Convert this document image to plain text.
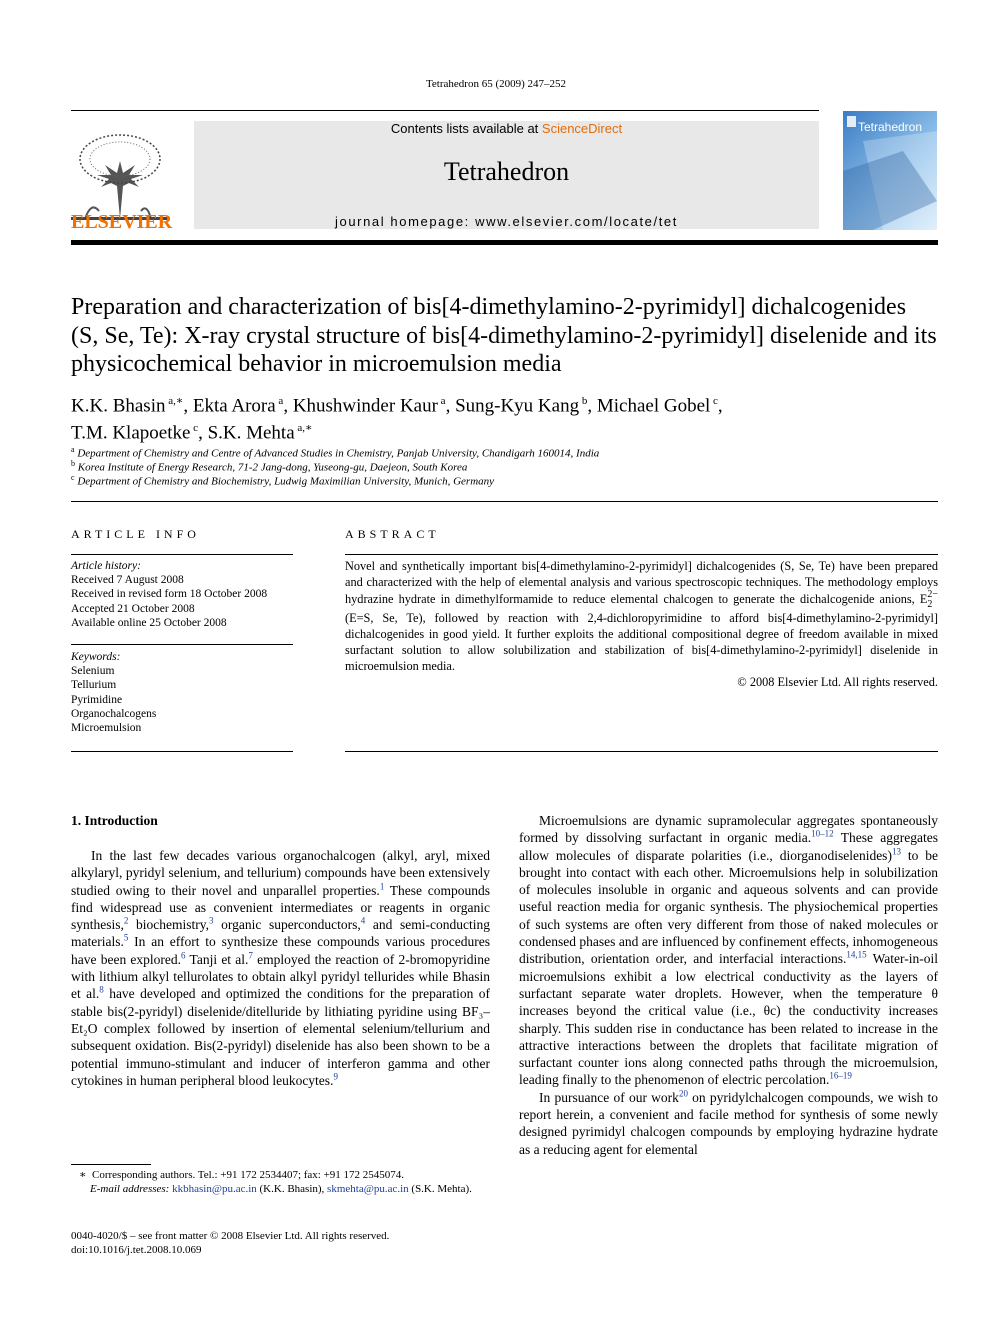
Tetrahedron 65 (2009) 247–252
ELSEVIER
Contents lists available at ScienceDirect
Tetrahedron
journal homepage: www.elsevier.com/locate/tet
Tetrahedron
Preparation and characterization of bis[4-dimethylamino-2-pyrimidyl] dichalcogenides (S, Se, Te): X-ray crystal structure of bis[4-dimethylamino-2-pyrimidyl] diselenide and its physicochemical behavior in microemulsion media
K.K. Bhasin $^{a,∗}$, Ekta Arora $^a$, Khushwinder Kaur $^a$, Sung-Kyu Kang $^b$, Michael Gobel $^c$,
T.M. Klapoetke $^c$, S.K. Mehta $^{a,∗}$
$^a$ Department of Chemistry and Centre of Advanced Studies in Chemistry, Panjab University, Chandigarh 160014, India
$^b$ Korea Institute of Energy Research, 71-2 Jang-dong, Yuseong-gu, Daejeon, South Korea
$^c$ Department of Chemistry and Biochemistry, Ludwig Maximilian University, Munich, Germany
ARTICLE INFO
Article history:
Received 7 August 2008
Received in revised form 18 October 2008
Accepted 21 October 2008
Available online 25 October 2008
Keywords:
Selenium
Tellurium
Pyrimidine
Organochalcogens
Microemulsion
ABSTRACT

Novel and synthetically important bis[4-dimethylamino-2-pyrimidyl] dichalcogenides (S, Se, Te) have been prepared and characterized with the help of elemental analysis and various spectroscopic techniques. The methodology employs hydrazine hydrate in dimethylformamide to reduce elemental chalcogen to generate the dichalcogenide anions, E 2−
2
(E=S, Se, Te), followed by reaction with 2,4-dichloropyrimidine to afford bis[4-dimethylamino-2-pyrimidyl] dichalcogenides in good yield. It further exploits the additional compositional degree of freedom available in mixed surfactant solution to allow solubilization and stabilization of bis[4-dimethylamino-2-pyrimidyl] diselenide in microemulsion media.

© 2008 Elsevier Ltd. All rights reserved.
1. Introduction

In the last few decades various organochalcogen (alkyl, aryl, mixed alkylaryl, pyridyl selenium, and tellurium) compounds have been extensively studied owing to their novel and unparallel properties.$^1$ These compounds find widespread use as convenient intermediates or reagents in organic synthesis,$^2$ biochemistry,$^3$ organic superconductors,$^4$ and semi-conducting materials.$^5$ In an effort to synthesize these compounds various procedures have been explored.$^6$ Tanji et al.$^7$ employed the reaction of 2-bromopyridine with lithium alkyl tellurolates to obtain alkyl pyridyl tellurides while Bhasin et al.$^8$ have developed and optimized the conditions for the preparation of stable bis(2-pyridyl) diselenide/ditelluride by lithiating pyridine using BF₃–Et₂O complex followed by insertion of elemental selenium/tellurium and subsequent oxidation. Bis(2-pyridyl) diselenide has also been shown to be a potential immuno-stimulant and inducer of interferon gamma and other cytokines in human peripheral blood leukocytes.$^9$

Microemulsions are dynamic supramolecular aggregates spontaneously formed by dissolving surfactant in organic media.$^{10-12}$ These aggregates allow molecules of disparate polarities (i.e., diorganodiselenides)$^{13}$ to be brought into contact with each other. Microemulsions help in solubilization of molecules insoluble in organic and aqueous solvents and can provide useful reaction media for organic synthesis. The physiochemical properties of such systems are often very different from those of naked molecules or condensed phases and are influenced by confinement effects, inhomogeneous distribution, orientation order, and interfacial interactions.$^{14,15}$ Water-in-oil microemulsions exhibit a low electrical conductivity as the layers of surfactant separate water droplets. However, when the temperature θ increases beyond the critical value (i.e., θc) the conductivity increases sharply. This sudden rise in conductance has been related to increase in the attractive interactions between the droplets that facilitate migration of surfactant counter ions along connected paths through the microemulsion, leading finally to the phenomenon of electric percolation.$^{16-19}$

In pursuance of our work$^{20}$ on pyridylchalcogen compounds, we wish to report herein, a convenient and facile method for synthesis of some newly designed pyrimidyl chalcogen compounds by employing hydrazine hydrate as a reducing agent for elemental

∗ Corresponding authors. Tel.: +91 172 2534407; fax: +91 172 2545074.
E-mail addresses: kkbhasin@pu.ac.in (K.K. Bhasin), skmehta@pu.ac.in (S.K. Mehta).
0040-4020/$ – see front matter © 2008 Elsevier Ltd. All rights reserved.
doi:10.1016/j.tet.2008.10.069
